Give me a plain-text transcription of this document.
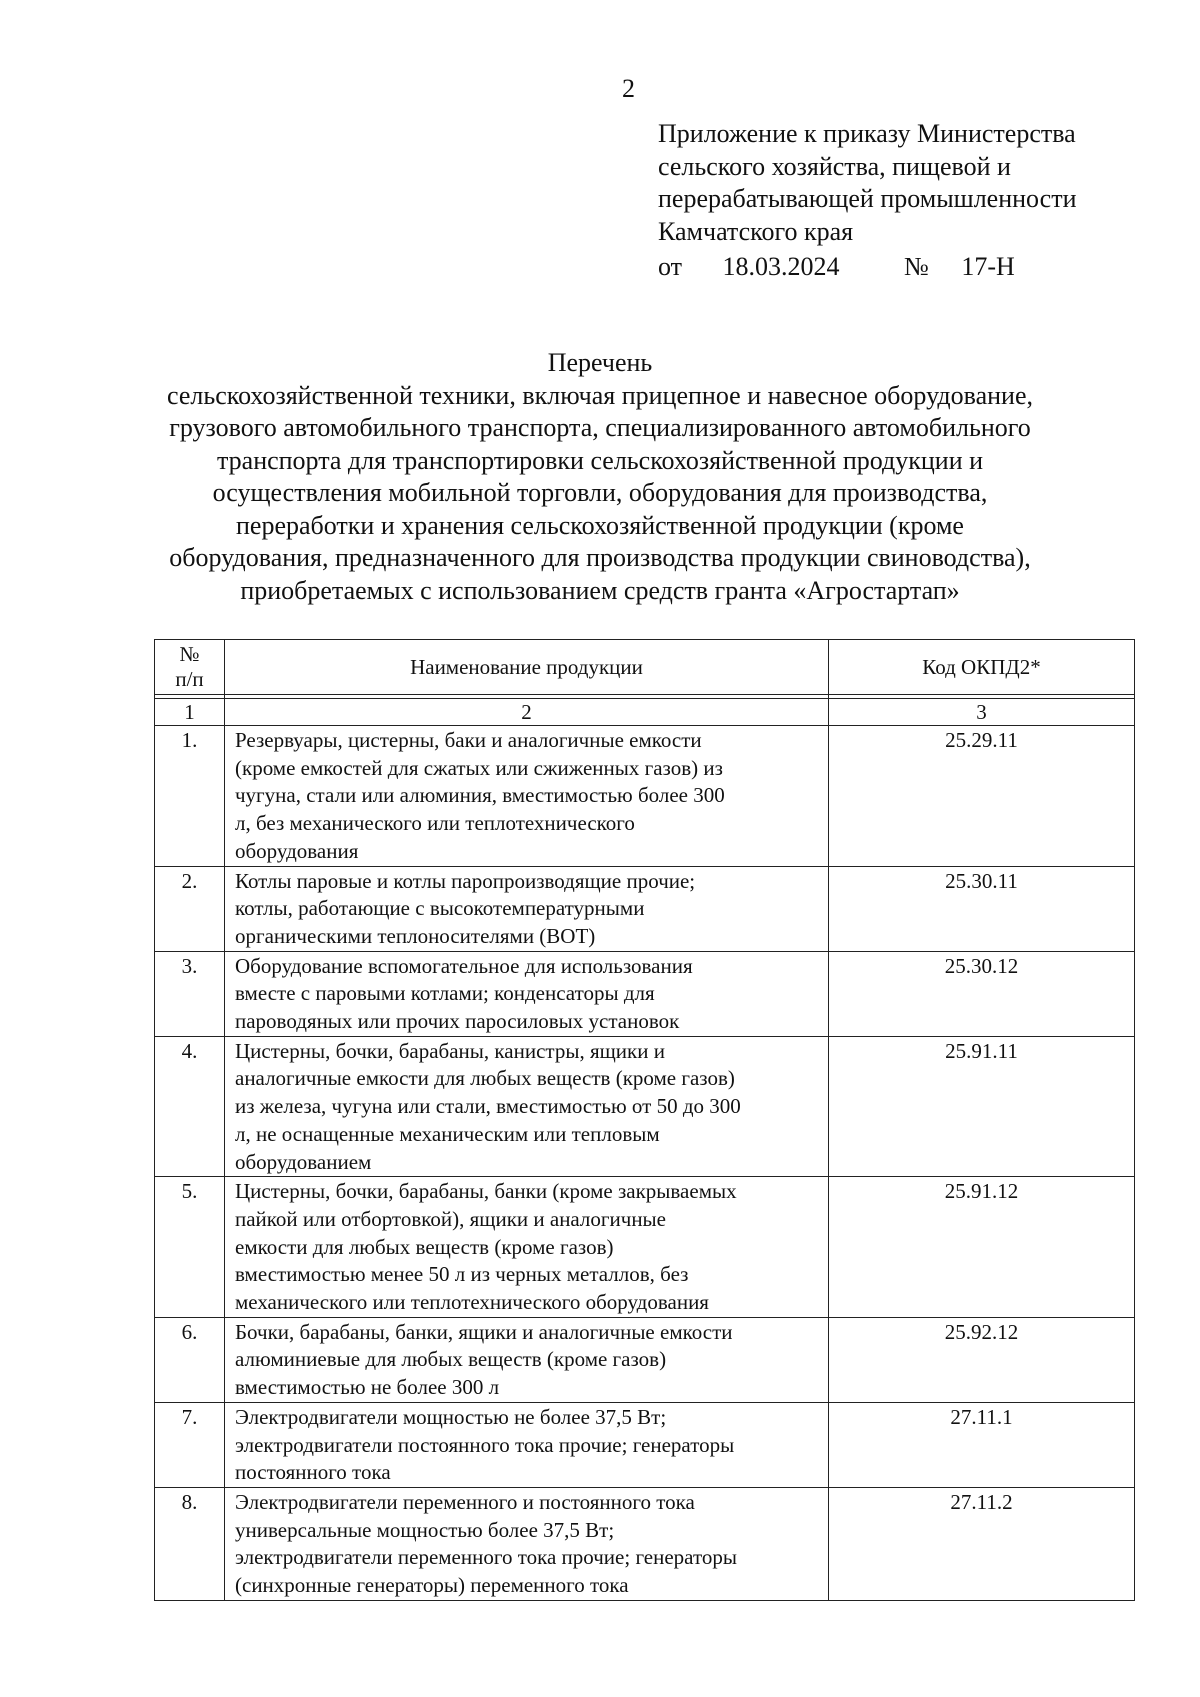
2
Приложение к приказу Министерства
сельского хозяйства, пищевой и
перерабатывающей промышленности
Камчатского края
от 18.03.2024 № 17-Н
Перечень
сельскохозяйственной техники, включая прицепное и навесное оборудование,
грузового автомобильного транспорта, специализированного автомобильного
транспорта для транспортировки сельскохозяйственной продукции и
осуществления мобильной торговли, оборудования для производства,
переработки и хранения сельскохозяйственной продукции (кроме
оборудования, предназначенного для производства продукции свиноводства),
приобретаемых с использованием средств гранта «Агростартап»
№
п/п	Наименование продукции	Код ОКПД2*

1	2	3
1.	Резервуары, цистерны, баки и аналогичные емкости
(кроме емкостей для сжатых или сжиженных газов) из
чугуна, стали или алюминия, вместимостью более 300
л, без механического или теплотехнического
оборудования	25.29.11
2.	Котлы паровые и котлы паропроизводящие прочие;
котлы, работающие с высокотемпературными
органическими теплоносителями (ВОТ)	25.30.11
3.	Оборудование вспомогательное для использования
вместе с паровыми котлами; конденсаторы для
пароводяных или прочих паросиловых установок	25.30.12
4.	Цистерны, бочки, барабаны, канистры, ящики и
аналогичные емкости для любых веществ (кроме газов)
из железа, чугуна или стали, вместимостью от 50 до 300
л, не оснащенные механическим или тепловым
оборудованием	25.91.11
5.	Цистерны, бочки, барабаны, банки (кроме закрываемых
пайкой или отбортовкой), ящики и аналогичные
емкости для любых веществ (кроме газов)
вместимостью менее 50 л из черных металлов, без
механического или теплотехнического оборудования	25.91.12
6.	Бочки, барабаны, банки, ящики и аналогичные емкости
алюминиевые для любых веществ (кроме газов)
вместимостью не более 300 л	25.92.12
7.	Электродвигатели мощностью не более 37,5 Вт;
электродвигатели постоянного тока прочие; генераторы
постоянного тока	27.11.1
8.	Электродвигатели переменного и постоянного тока
универсальные мощностью более 37,5 Вт;
электродвигатели переменного тока прочие; генераторы
(синхронные генераторы) переменного тока	27.11.2
